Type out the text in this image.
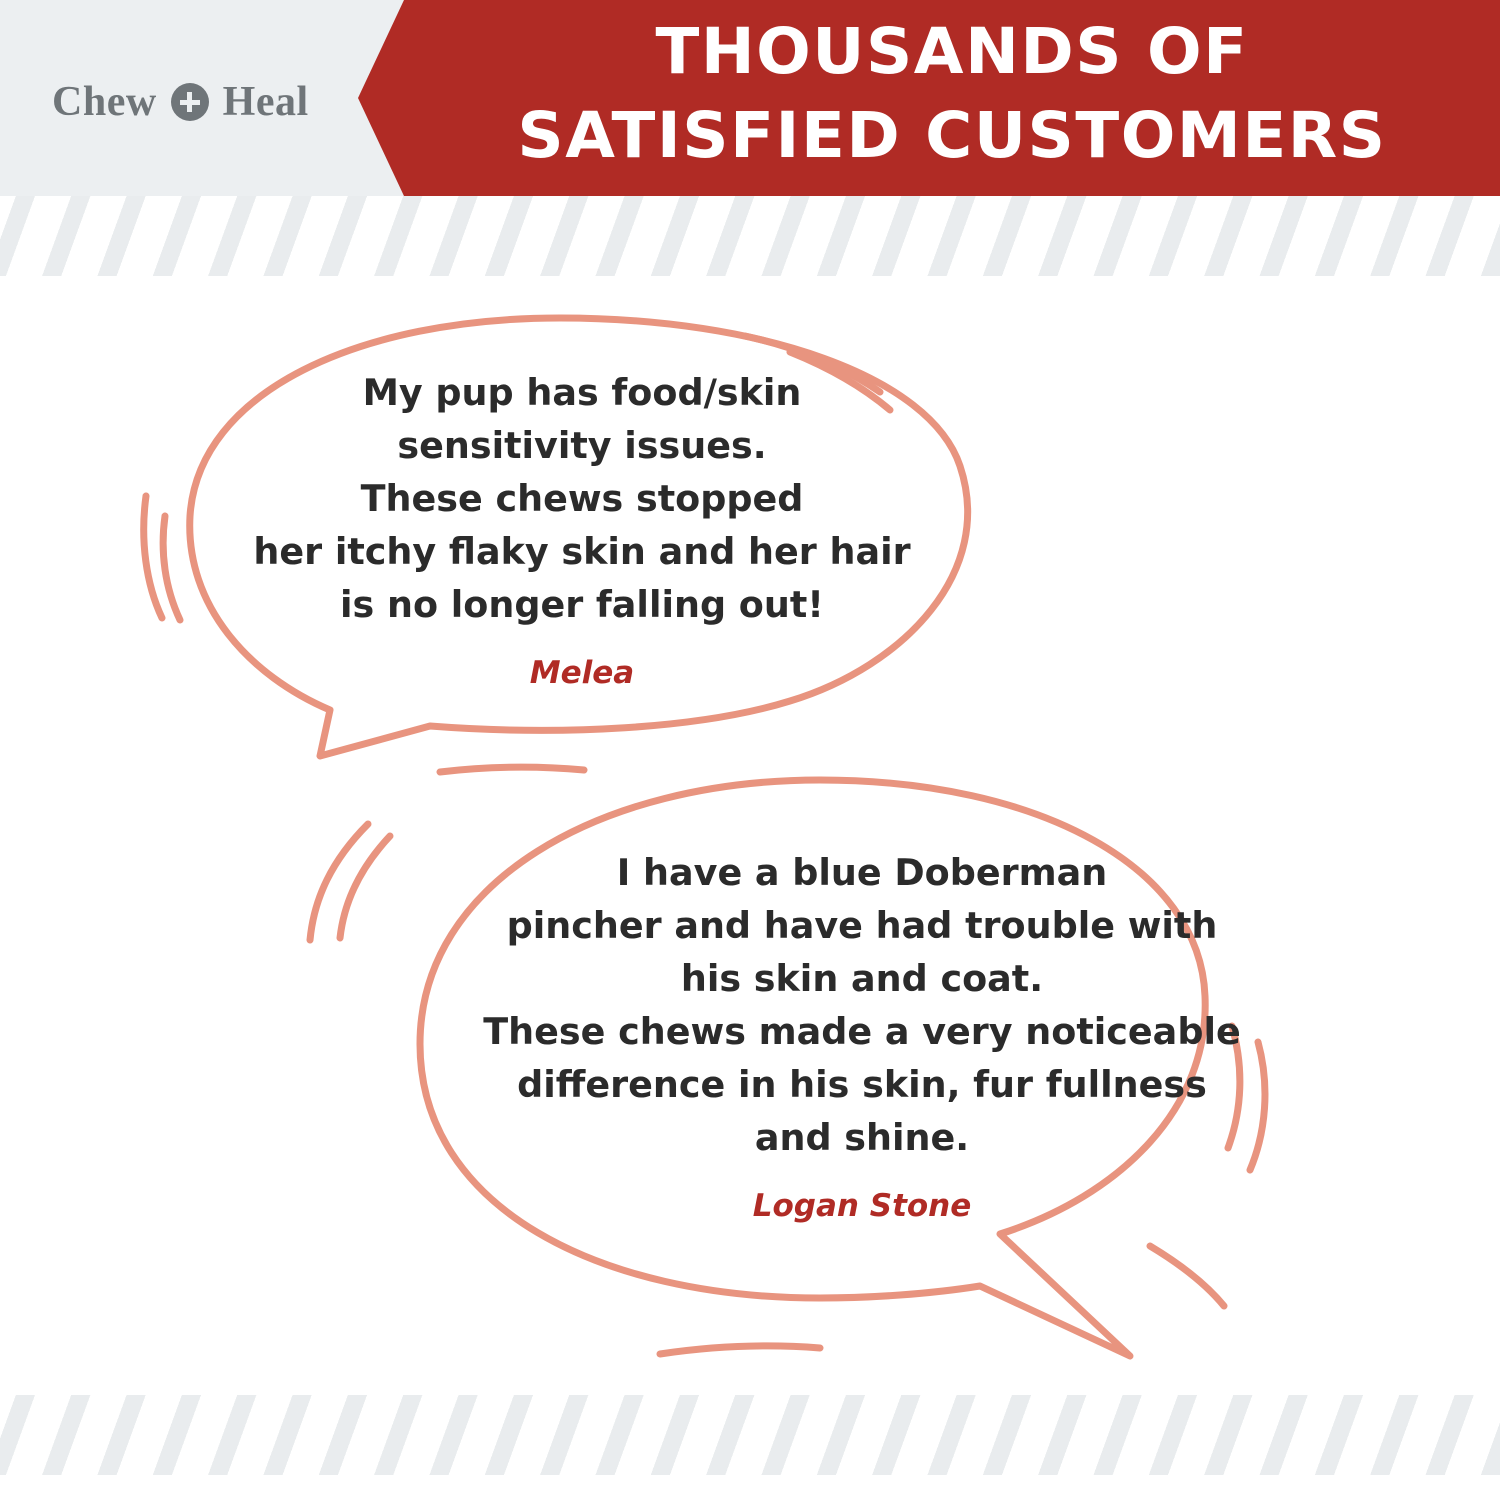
THOUSANDS OF
SATISFIED CUSTOMERS
Chew Heal
My pup has food/skin
sensitivity issues.
These chews stopped
her itchy flaky skin and her hair
is no longer falling out!
Melea
I have a blue Doberman
pincher and have had trouble with
his skin and coat.
These chews made a very noticeable
difference in his skin, fur fullness
and shine.
Logan Stone
